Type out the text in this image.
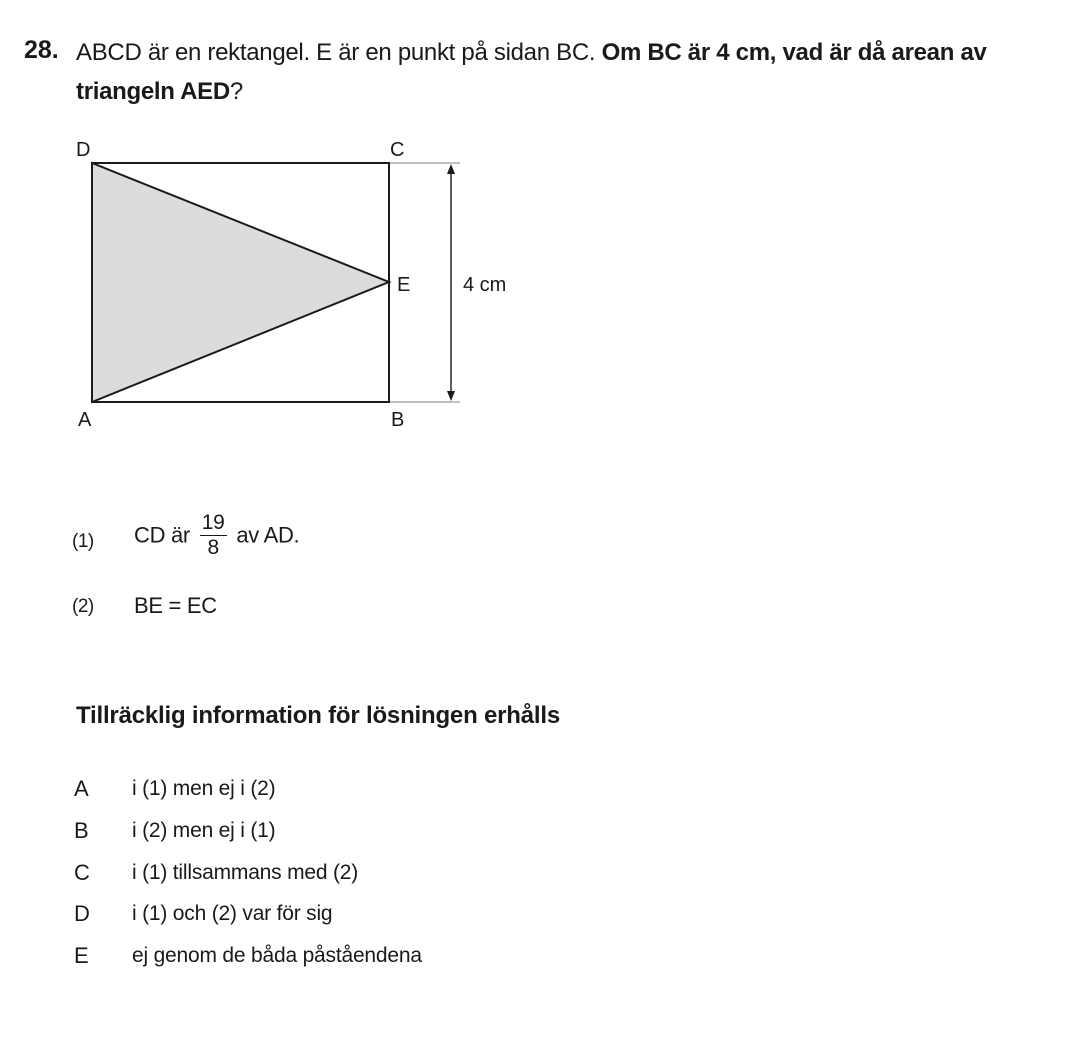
28. ABCD är en rektangel. E är en punkt på sidan BC. Om BC är 4 cm, vad är då arean av triangeln AED?
D	C
E
A	B
4 cm
(1) CD är $\frac{19}{8}$ av AD.
(2) BE = EC
Tillräcklig information för lösningen erhålls
A	i (1) men ej i (2)
B	i (2) men ej i (1)
C	i (1) tillsammans med (2)
D	i (1) och (2) var för sig
E	ej genom de båda påståendena
